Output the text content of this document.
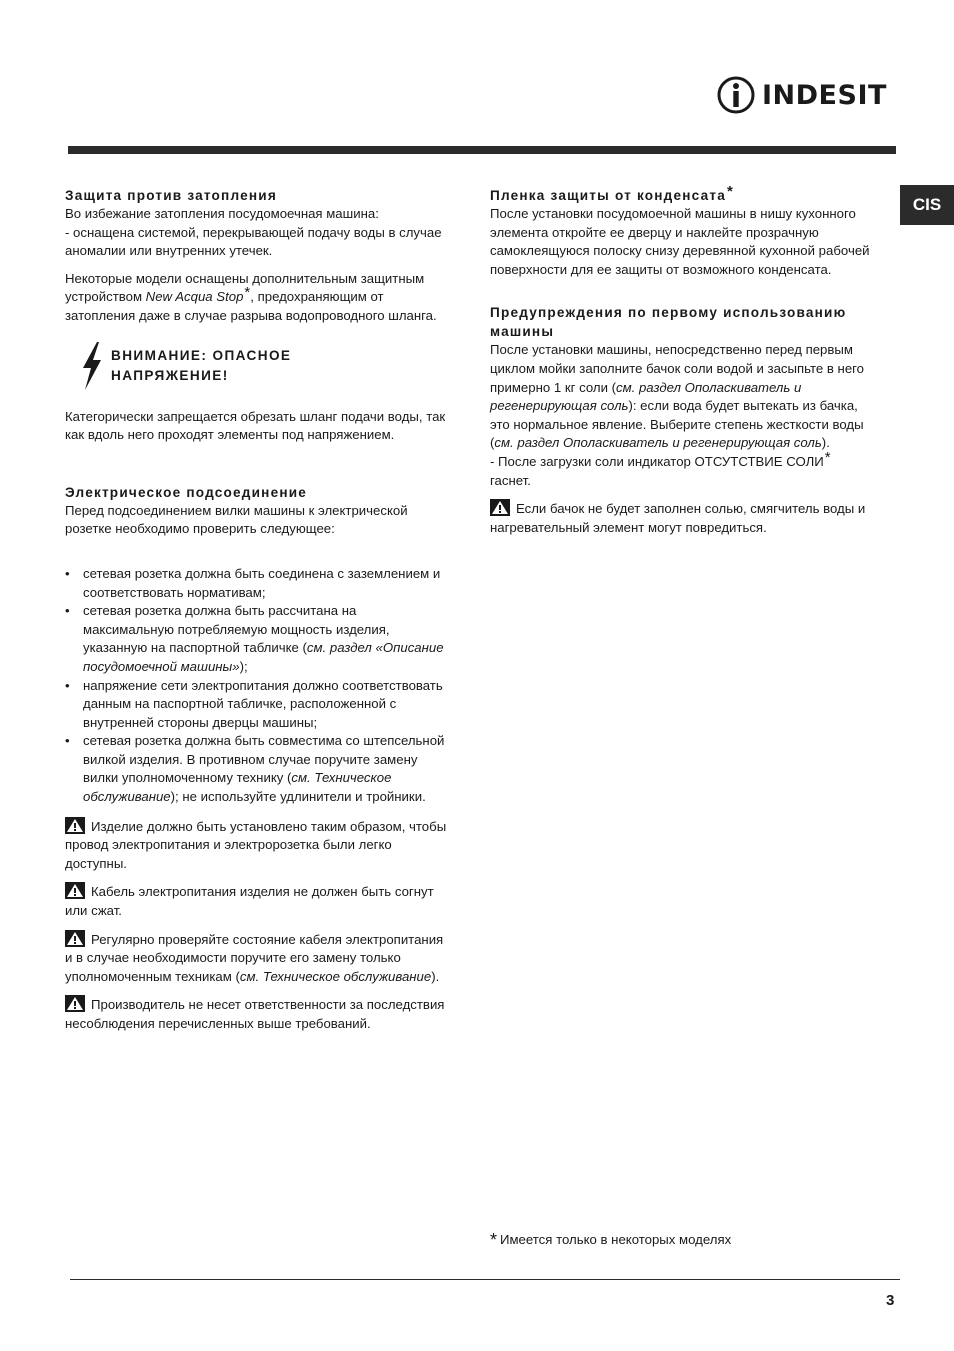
INDESIT
CIS
Защита против затопления

Во избежание затопления посудомоечная машина:

- оснащена системой, перекрывающей подачу воды в случае аномалии или внутренних утечек.

Некоторые модели оснащены дополнительным защитным устройством New Acqua Stop*, предохраняющим от затопления даже в случае разрыва водопроводного шланга.

ВНИМАНИЕ: ОПАСНОЕ
НАПРЯЖЕНИЕ!

Категорически запрещается обрезать шланг подачи воды, так как вдоль него проходят элементы под напряжением.

Электрическое подсоединение

Перед подсоединением вилки машины к электрической розетке необходимо проверить следующее:

• сетевая розетка должна быть соединена с заземлением и соответствовать нормативам;
• сетевая розетка должна быть рассчитана на максимальную потребляемую мощность изделия, указанную на паспортной табличке (см. раздел «Описание посудомоечной машины»);
• напряжение сети электропитания должно соответствовать данным на паспортной табличке, расположенной с внутренней стороны дверцы машины;
• сетевая розетка должна быть совместима со штепсельной вилкой изделия. В противном случае поручите замену вилки уполномоченному технику (см. Техническое обслуживание); не используйте удлинители и тройники.

Изделие должно быть установлено таким образом, чтобы провод электропитания и электророзетка были легко доступны.

Кабель электропитания изделия не должен быть согнут или сжат.

Регулярно проверяйте состояние кабеля электропитания и в случае необходимости поручите его замену только уполномоченным техникам (см. Техническое обслуживание).

Производитель не несет ответственности за последствия несоблюдения перечисленных выше требований.

Пленка защиты от конденсата*

После установки посудомоечной машины в нишу кухонного элемента откройте ее дверцу и наклейте прозрачную самоклеящуюся полоску снизу деревянной кухонной рабочей поверхности для ее защиты от возможного конденсата.

Предупреждения по первому использованию машины

После установки машины, непосредственно перед первым циклом мойки заполните бачок соли водой и засыпьте в него примерно 1 кг соли (см. раздел Ополаскиватель и регенерирующая соль): если вода будет вытекать из бачка, это нормальное явление. Выберите степень жесткости воды (см. раздел Ополаскиватель и регенерирующая соль).

- После загрузки соли индикатор ОТСУТСТВИЕ СОЛИ* гаснет.

Если бачок не будет заполнен солью, смягчитель воды и нагревательный элемент могут повредиться.

* Имеется только в некоторых моделях
3
